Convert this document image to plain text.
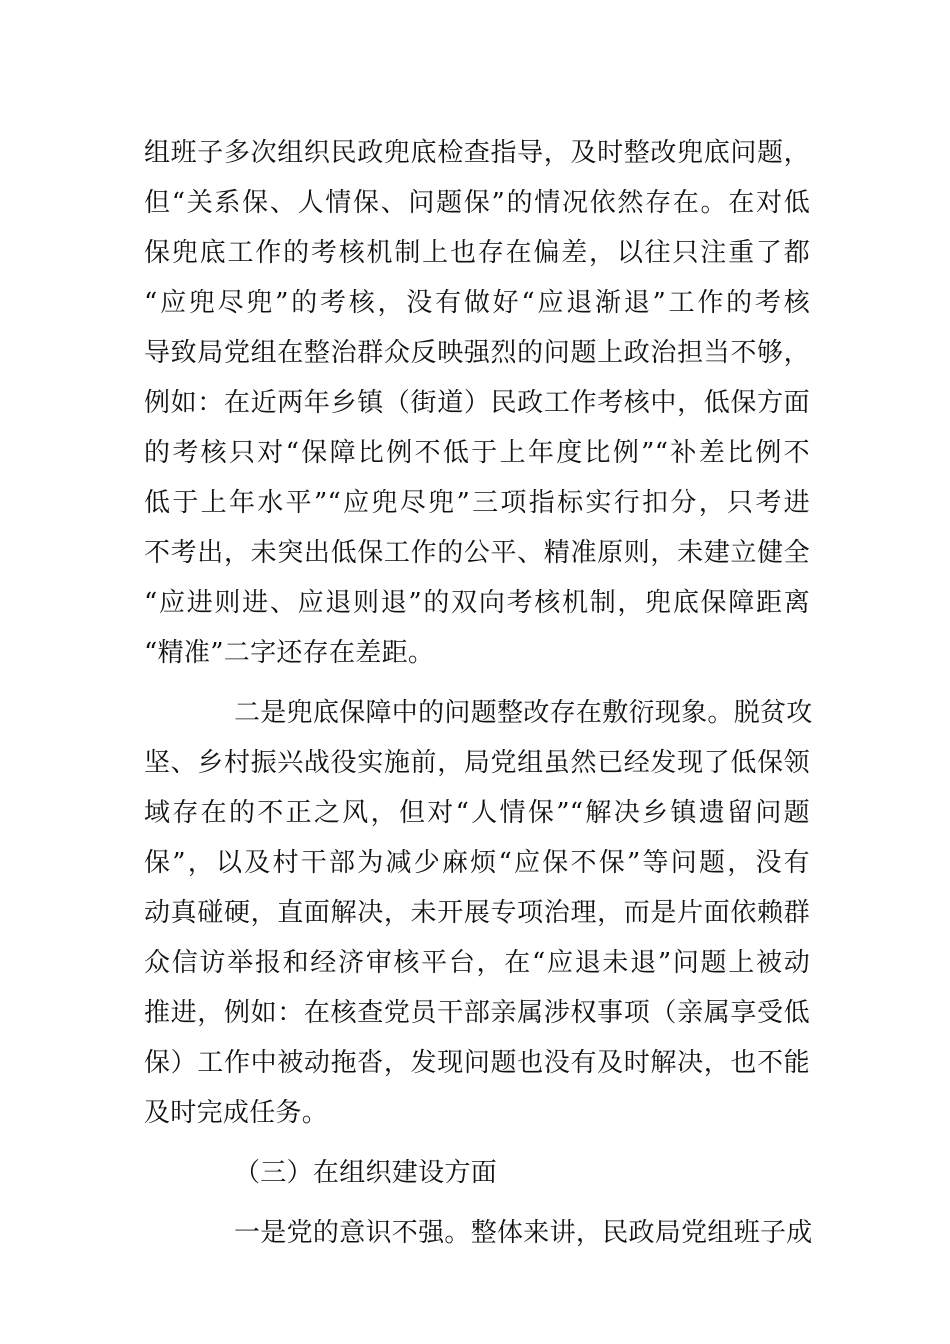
组班子多次组织民政兜底检查指导，及时整改兜底问题，
但“关系保、人情保、问题保”的情况依然存在。在对低
保兜底工作的考核机制上也存在偏差，以往只注重了都
“应兜尽兜”的考核，没有做好“应退渐退”工作的考核
导致局党组在整治群众反映强烈的问题上政治担当不够，
例如：在近两年乡镇（街道）民政工作考核中，低保方面
的考核只对“保障比例不低于上年度比例”“补差比例不
低于上年水平”“应兜尽兜”三项指标实行扣分，只考进
不考出，未突出低保工作的公平、精准原则，未建立健全
“应进则进、应退则退”的双向考核机制，兜底保障距离
“精准”二字还存在差距。
二是兜底保障中的问题整改存在敷衍现象。脱贫攻
坚、乡村振兴战役实施前，局党组虽然已经发现了低保领
域存在的不正之风，但对“人情保”“解决乡镇遗留问题
保”，以及村干部为减少麻烦“应保不保”等问题，没有
动真碰硬，直面解决，未开展专项治理，而是片面依赖群
众信访举报和经济审核平台，在“应退未退”问题上被动
推进，例如：在核查党员干部亲属涉权事项（亲属享受低
保）工作中被动拖沓，发现问题也没有及时解决，也不能
及时完成任务。
（三）在组织建设方面
一是党的意识不强。整体来讲，民政局党组班子成
